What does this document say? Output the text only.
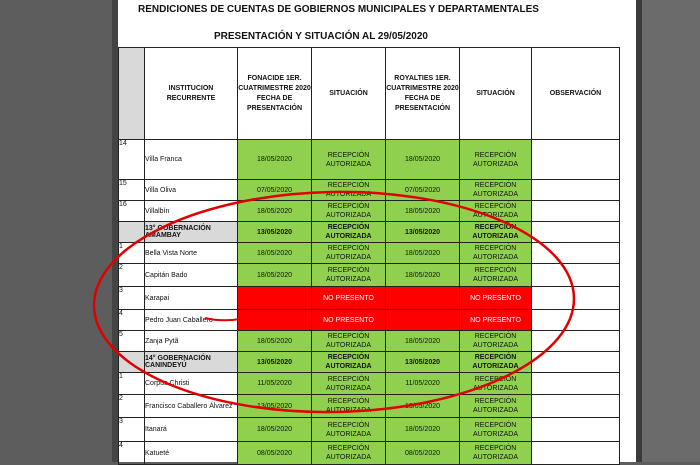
RENDICIONES DE CUENTAS DE GOBIERNOS MUNICIPALES Y DEPARTAMENTALES
PRESENTACIÓN Y SITUACIÓN AL 29/05/2020
	INSTITUCION RECURRENTE	FONACIDE 1ER. CUATRIMESTRE 2020 FECHA DE PRESENTACIÓN	SITUACIÓN	ROYALTIES 1ER. CUATRIMESTRE 2020 FECHA DE PRESENTACIÓN	SITUACIÓN	OBSERVACIÓN
14	Villa Franca	18/05/2020	RECEPCIÓN AUTORIZADA	18/05/2020	RECEPCIÓN AUTORIZADA	
15	Villa Oliva	07/05/2020	RECEPCIÓN AUTORIZADA	07/05/2020	RECEPCIÓN AUTORIZADA	
16	Villalbín	18/05/2020	RECEPCIÓN AUTORIZADA	18/05/2020	RECEPCIÓN AUTORIZADA	
	13° GOBERNACIÓN AMAMBAY	13/05/2020	RECEPCIÓN AUTORIZADA	13/05/2020	RECEPCIÓN AUTORIZADA	
1	Bella Vista Norte	18/05/2020	RECEPCIÓN AUTORIZADA	18/05/2020	RECEPCIÓN AUTORIZADA	
2	Capitán Bado	18/05/2020	RECEPCIÓN AUTORIZADA	18/05/2020	RECEPCIÓN AUTORIZADA	
3	Karapai		NO PRESENTO		NO PRESENTO	
4	Pedro Juan Caballero		NO PRESENTO		NO PRESENTO	
5	Zanja Pytã	18/05/2020	RECEPCIÓN AUTORIZADA	18/05/2020	RECEPCIÓN AUTORIZADA	
	14° GOBERNACIÓN CANINDEYÚ	13/05/2020	RECEPCIÓN AUTORIZADA	13/05/2020	RECEPCIÓN AUTORIZADA	
1	Corpus Christi	11/05/2020	RECEPCIÓN AUTORIZADA	11/05/2020	RECEPCIÓN AUTORIZADA	
2	Francisco Caballero Álvarez	13/05/2020	RECEPCIÓN AUTORIZADA	13/05/2020	RECEPCIÓN AUTORIZADA	
3	Itanará	18/05/2020	RECEPCIÓN AUTORIZADA	18/05/2020	RECEPCIÓN AUTORIZADA	
4	Katueté	08/05/2020	RECEPCIÓN AUTORIZADA	08/05/2020	RECEPCIÓN AUTORIZADA	
